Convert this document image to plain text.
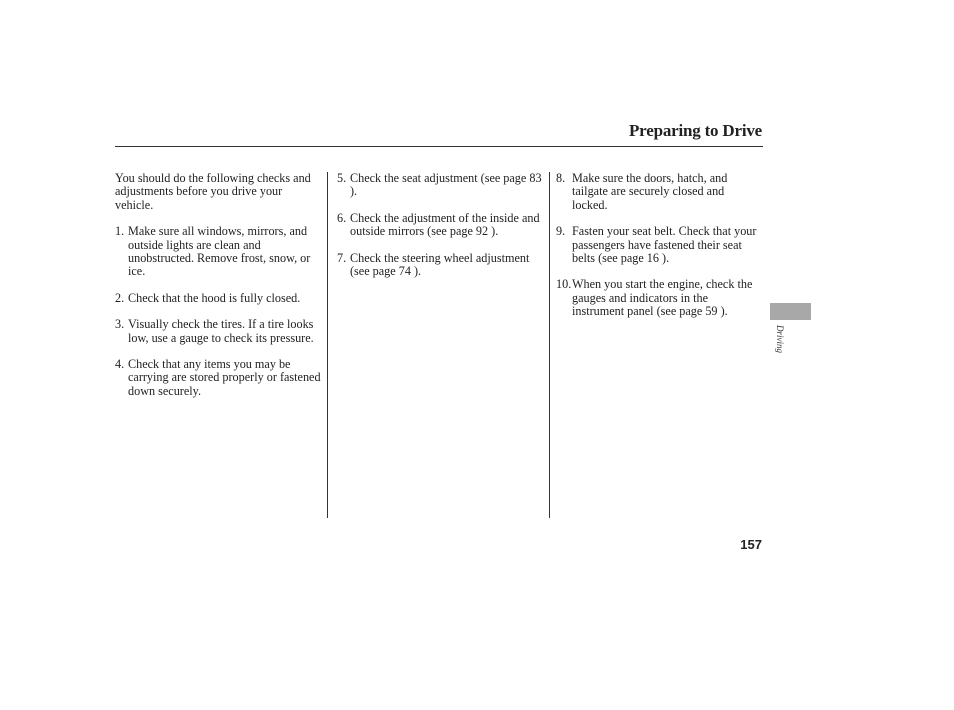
Preparing to Drive

You should do the following checks and adjustments before you drive your vehicle.

1. Make sure all windows, mirrors, and outside lights are clean and unobstructed. Remove frost, snow, or ice.
2. Check that the hood is fully closed.
3. Visually check the tires. If a tire looks low, use a gauge to check its pressure.
4. Check that any items you may be carrying are stored properly or fastened down securely.
5. Check the seat adjustment (see page 83 ).
6. Check the adjustment of the inside and outside mirrors (see page 92 ).
7. Check the steering wheel adjustment (see page 74 ).
8. Make sure the doors, hatch, and tailgate are securely closed and locked.
9. Fasten your seat belt. Check that your passengers have fastened their seat belts (see page 16 ).
10. When you start the engine, check the gauges and indicators in the instrument panel (see page 59 ).
Driving
157
